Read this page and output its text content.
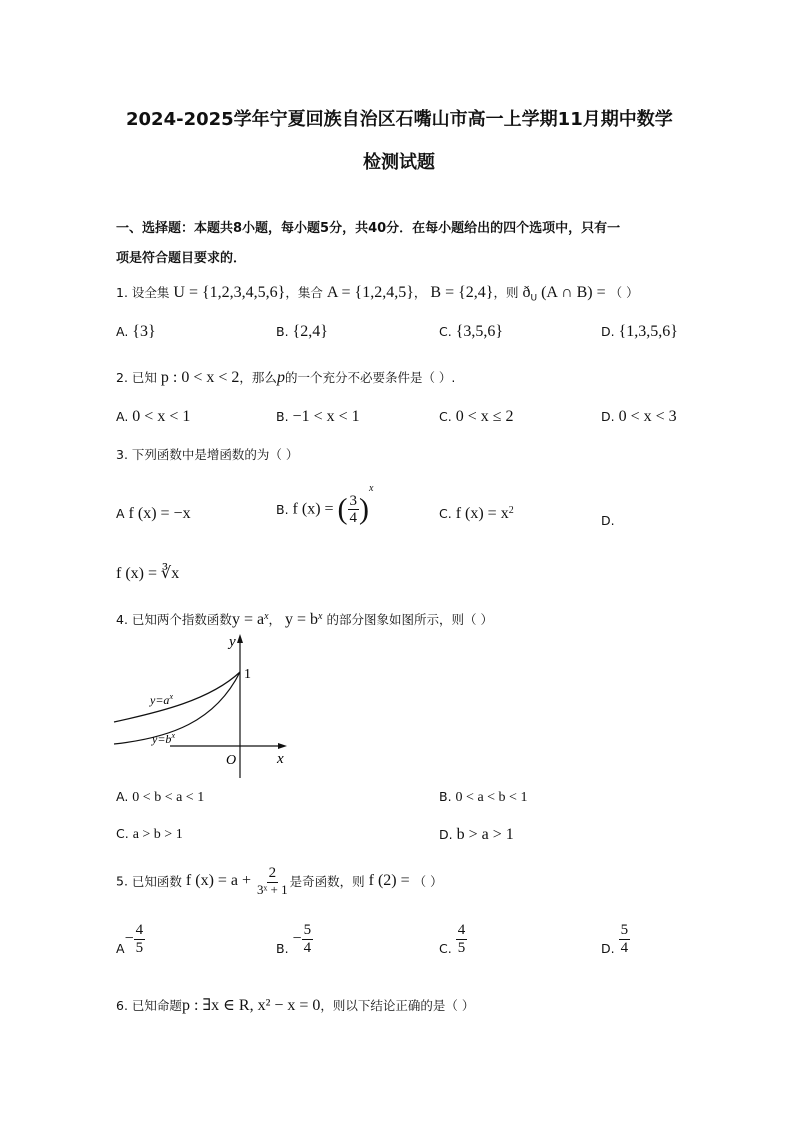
2024-2025学年宁夏回族自治区石嘴山市高一上学期11月期中数学
检测试题
一、选择题：本题共8小题，每小题5分，共40分．在每小题给出的四个选项中，只有一
项是符合题目要求的．
1. 设全集 U = {1,2,3,4,5,6}，集合 A = {1,2,4,5}， B = {2,4}，则 $ð_U$ (A ∩ B) = （ ）
A. {3}	B. {2,4}	C. {3,5,6}	D. {1,3,5,6}
2. 已知 p : 0 < x < 2，那么p的一个充分不必要条件是（ ）.
A. 0 < x < 1	B. −1 < x < 1	C. 0 < x ≤ 2	D. 0 < x < 3
3. 下列函数中是增函数的为（ ）
A f (x) = −x	B. f (x) = ( $\frac{3}{4} )^x$
C. f $(x) = x^2$
D.
f (x) = ∛x
4. 已知两个指数函数$y = a^x$， $y = b^x$ 的部分图象如图所示，则（ ）
y
x
O
1
$y=a^x$
$y=b^x$
A. 0 < b < a < 1	B. 0 < a < b < 1
C. a > b > 1	D. b > a > 1
5. 已知函数 f $(x) = a + \frac{2}{\text{3ˣ + 1}}$ 是奇函数，则 f (2) = （ ）
$A- \frac{4}{5}$	B. − $\frac{5}{4}$	C. $\frac{4}{5}$	D. $\frac{5}{4}$
6. 已知命题p : ∃x ∈ R, x² − x = 0，则以下结论正确的是（ ）
